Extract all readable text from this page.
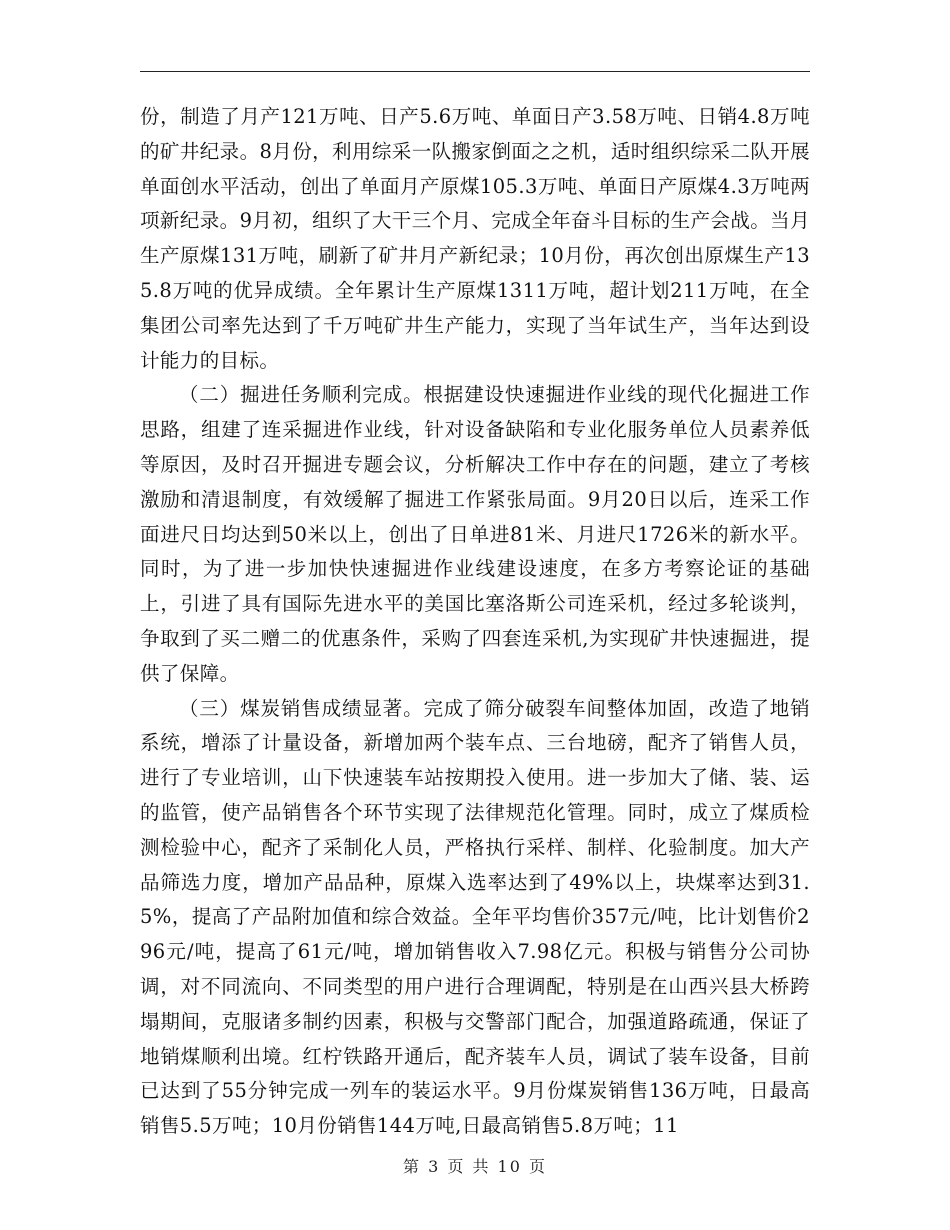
份，制造了月产121万吨、日产5.6万吨、单面日产3.58万吨、日销4.8万吨的矿井纪录。8月份，利用综采一队搬家倒面之之机，适时组织综采二队开展单面创水平活动，创出了单面月产原煤105.3万吨、单面日产原煤4.3万吨两项新纪录。9月初，组织了大干三个月、完成全年奋斗目标的生产会战。当月生产原煤131万吨，刷新了矿井月产新纪录；10月份，再次创出原煤生产135.8万吨的优异成绩。全年累计生产原煤1311万吨，超计划211万吨，在全集团公司率先达到了千万吨矿井生产能力，实现了当年试生产，当年达到设计能力的目标。

（二）掘进任务顺利完成。根据建设快速掘进作业线的现代化掘进工作思路，组建了连采掘进作业线，针对设备缺陷和专业化服务单位人员素养低等原因，及时召开掘进专题会议，分析解决工作中存在的问题，建立了考核激励和清退制度，有效缓解了掘进工作紧张局面。9月20日以后，连采工作面进尺日均达到50米以上，创出了日单进81米、月进尺1726米的新水平。同时，为了进一步加快快速掘进作业线建设速度，在多方考察论证的基础上，引进了具有国际先进水平的美国比塞洛斯公司连采机，经过多轮谈判，争取到了买二赠二的优惠条件，采购了四套连采机,为实现矿井快速掘进，提供了保障。

（三）煤炭销售成绩显著。完成了筛分破裂车间整体加固，改造了地销系统，增添了计量设备，新增加两个装车点、三台地磅，配齐了销售人员，进行了专业培训，山下快速装车站按期投入使用。进一步加大了储、装、运的监管，使产品销售各个环节实现了法律规范化管理。同时，成立了煤质检测检验中心，配齐了采制化人员，严格执行采样、制样、化验制度。加大产品筛选力度，增加产品品种，原煤入选率达到了49%以上，块煤率达到31.5%，提高了产品附加值和综合效益。全年平均售价357元/吨，比计划售价296元/吨，提高了61元/吨，增加销售收入7.98亿元。积极与销售分公司协调，对不同流向、不同类型的用户进行合理调配，特别是在山西兴县大桥跨塌期间，克服诸多制约因素，积极与交警部门配合，加强道路疏通，保证了地销煤顺利出境。红柠铁路开通后，配齐装车人员，调试了装车设备，目前已达到了55分钟完成一列车的装运水平。9月份煤炭销售136万吨，日最高销售5.5万吨；10月份销售144万吨,日最高销售5.8万吨；11

第 3 页 共 10 页
